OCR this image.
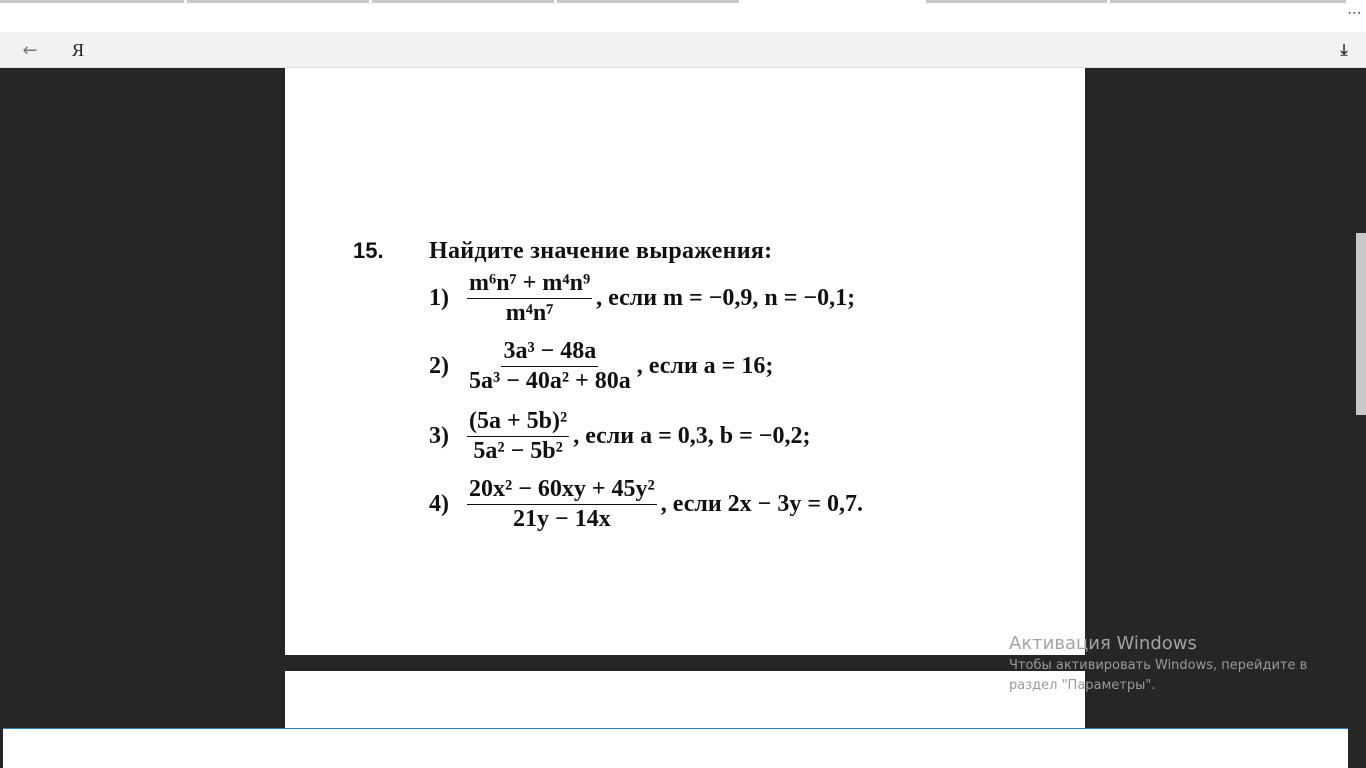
⋮
←	Я	⤓
15. Найдите значение выражения:
$1) \frac{\text{m⁶n⁷ + m⁴n⁹}}{\text{m⁴n⁷}}$ , если m = −0,9, n = −0,1;
$2) \frac{\text{3a³ − 48a}}{\text{5a³ − 40a² + 80a}}$ , если a = 16;
$3) \frac{\text{(5a + 5b)²}}{\text{5a² − 5b²}}$ , если a = 0,3, b = −0,2;
$4) \frac{\text{20x² − 60xy + 45y²}}{21y - 14x}$ , если 2x − 3y = 0,7.
Активация Windows
Чтобы активировать Windows, перейдите в раздел "Параметры".
